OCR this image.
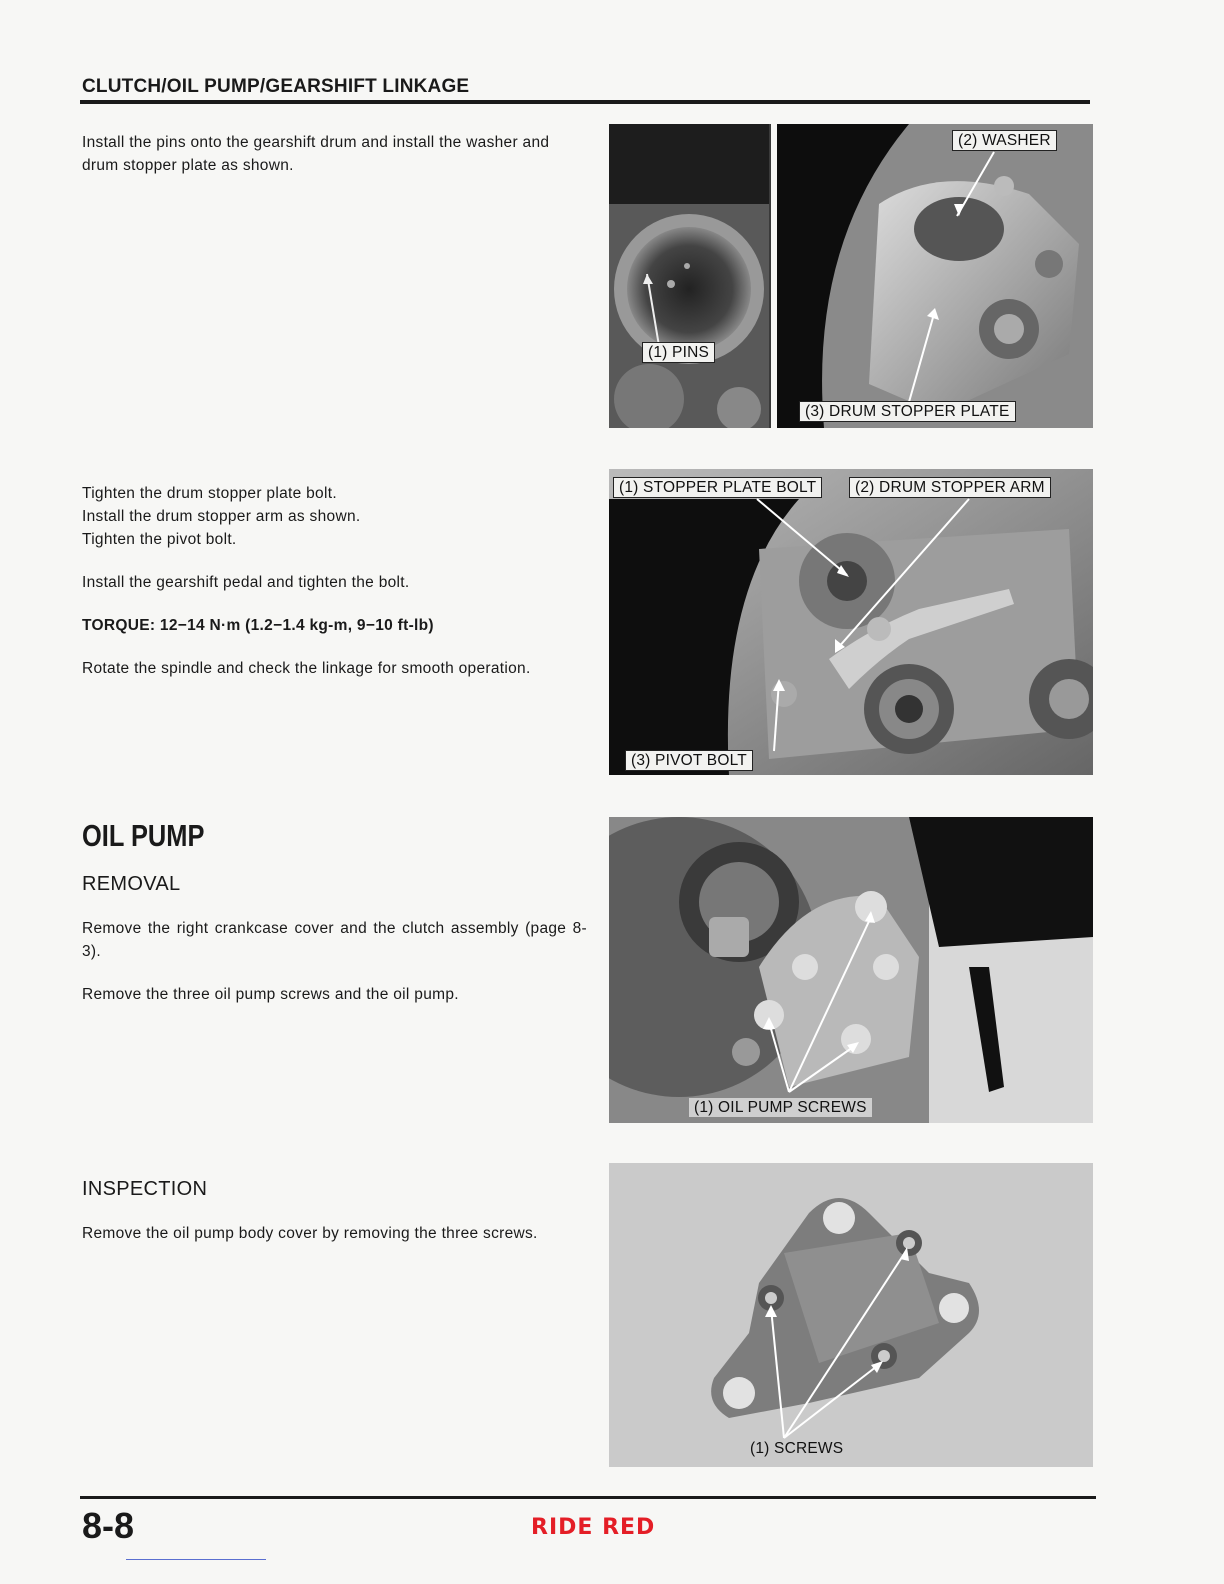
CLUTCH/OIL PUMP/GEARSHIFT LINKAGE

Install the pins onto the gearshift drum and install the washer and drum stopper plate as shown.

(1) PINS
(2) WASHER
(3) DRUM STOPPER PLATE

Tighten the drum stopper plate bolt.

Install the drum stopper arm as shown.

Tighten the pivot bolt.

Install the gearshift pedal and tighten the bolt.

TORQUE: 12−14 N·m (1.2−1.4 kg-m, 9−10 ft-lb)

Rotate the spindle and check the linkage for smooth operation.

(1) STOPPER PLATE BOLT	(2) DRUM STOPPER ARM
(3) PIVOT BOLT
OIL PUMP
REMOVAL

Remove the right crankcase cover and the clutch assembly (page 8-3).

Remove the three oil pump screws and the oil pump.

(1) OIL PUMP SCREWS
INSPECTION

Remove the oil pump body cover by removing the three screws.

(1) SCREWS
8-8	RIDE RED
